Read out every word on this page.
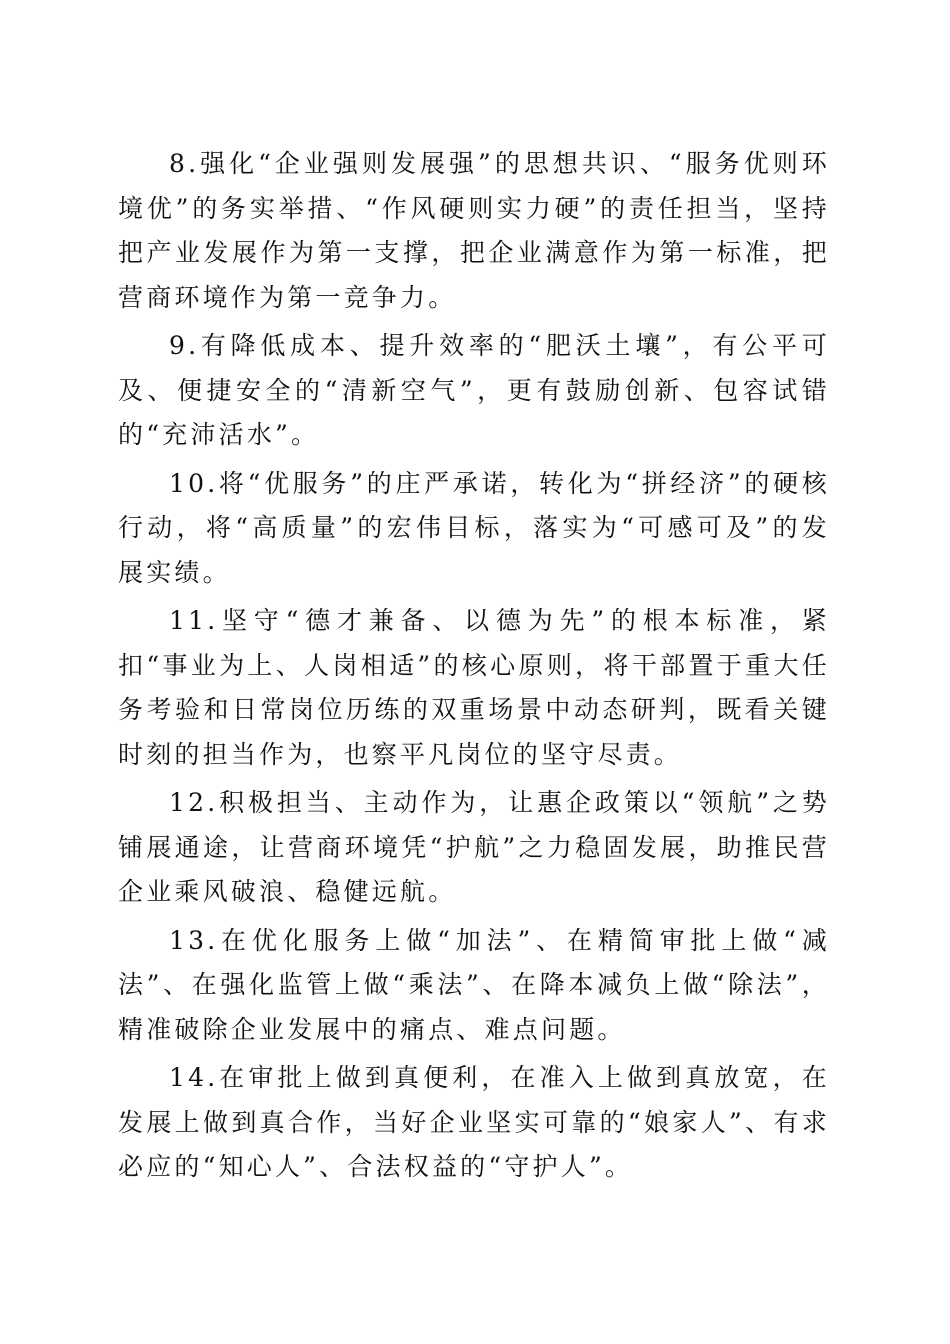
8.强化“企业强则发展强”的思想共识、“服务优则环境优”的务实举措、“作风硬则实力硬”的责任担当，坚持把产业发展作为第一支撑，把企业满意作为第一标准，把营商环境作为第一竞争力。

9.有降低成本、提升效率的“肥沃土壤”，有公平可及、便捷安全的“清新空气”，更有鼓励创新、包容试错的“充沛活水”。

10.将“优服务”的庄严承诺，转化为“拼经济”的硬核行动，将“高质量”的宏伟目标，落实为“可感可及”的发展实绩。

11.坚守“德才兼备、以德为先”的根本标准，紧扣“事业为上、人岗相适”的核心原则，将干部置于重大任务考验和日常岗位历练的双重场景中动态研判，既看关键时刻的担当作为，也察平凡岗位的坚守尽责。

12.积极担当、主动作为，让惠企政策以“领航”之势铺展通途，让营商环境凭“护航”之力稳固发展，助推民营企业乘风破浪、稳健远航。

13.在优化服务上做“加法”、在精简审批上做“减法”、在强化监管上做“乘法”、在降本减负上做“除法”，精准破除企业发展中的痛点、难点问题。

14.在审批上做到真便利，在准入上做到真放宽，在发展上做到真合作，当好企业坚实可靠的“娘家人”、有求必应的“知心人”、合法权益的“守护人”。
